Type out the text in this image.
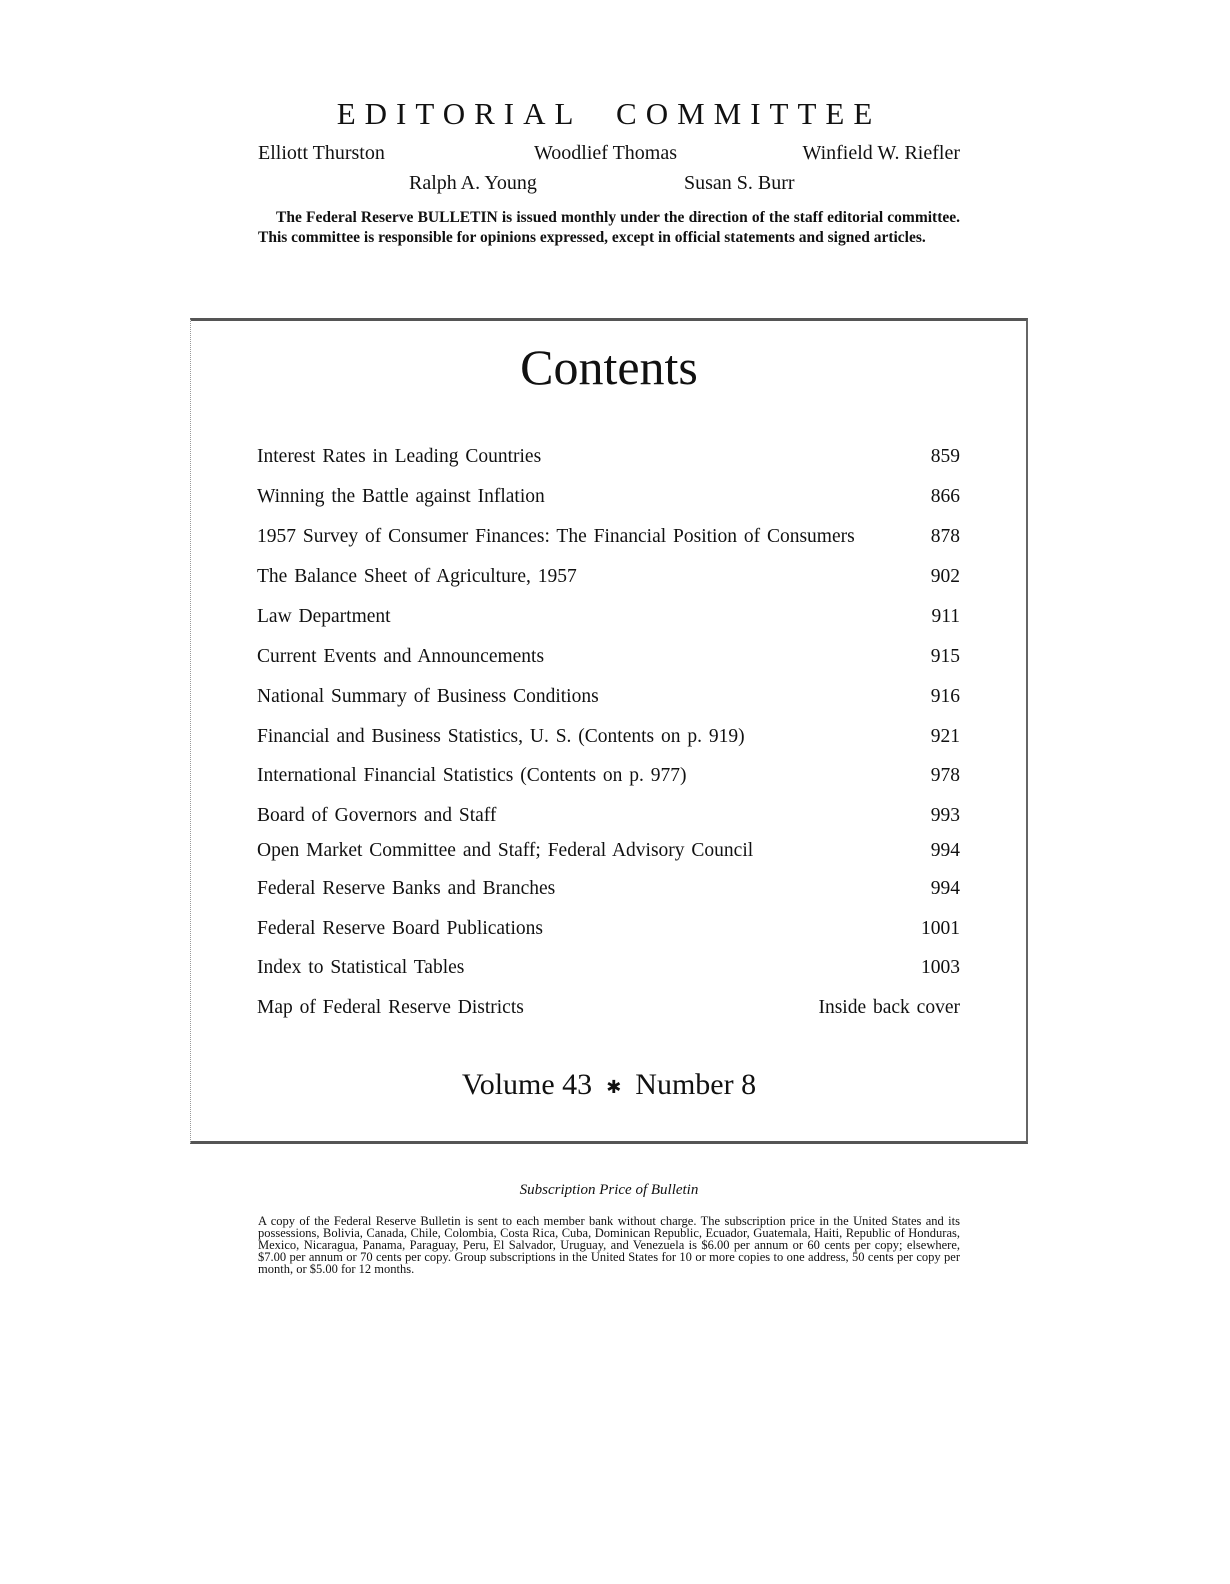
EDITORIAL COMMITTEE
Elliott Thurston	Woodlief Thomas	Winfield W. Riefler
Ralph A. Young	Susan S. Burr

The Federal Reserve BULLETIN is issued monthly under the direction of the staff editorial committee. This committee is responsible for opinions expressed, except in official statements and signed articles.

Contents
Interest Rates in Leading Countries	859
Winning the Battle against Inflation	866
1957 Survey of Consumer Finances: The Financial Position of Consumers	878
The Balance Sheet of Agriculture, 1957	902
Law Department	911
Current Events and Announcements	915
National Summary of Business Conditions	916
Financial and Business Statistics, U. S. (Contents on p. 919)	921
International Financial Statistics (Contents on p. 977)	978
Board of Governors and Staff	993
Open Market Committee and Staff; Federal Advisory Council	994
Federal Reserve Banks and Branches	994
Federal Reserve Board Publications	1001
Index to Statistical Tables	1003
Map of Federal Reserve Districts	Inside back cover

Volume 43 ✱ Number 8

Subscription Price of Bulletin

A copy of the Federal Reserve Bulletin is sent to each member bank without charge. The subscription price in the United States and its possessions, Bolivia, Canada, Chile, Colombia, Costa Rica, Cuba, Dominican Republic, Ecuador, Guatemala, Haiti, Republic of Honduras, Mexico, Nicaragua, Panama, Paraguay, Peru, El Salvador, Uruguay, and Venezuela is $6.00 per annum or 60 cents per copy; elsewhere, $7.00 per annum or 70 cents per copy. Group subscriptions in the United States for 10 or more copies to one address, 50 cents per copy per month, or $5.00 for 12 months.
